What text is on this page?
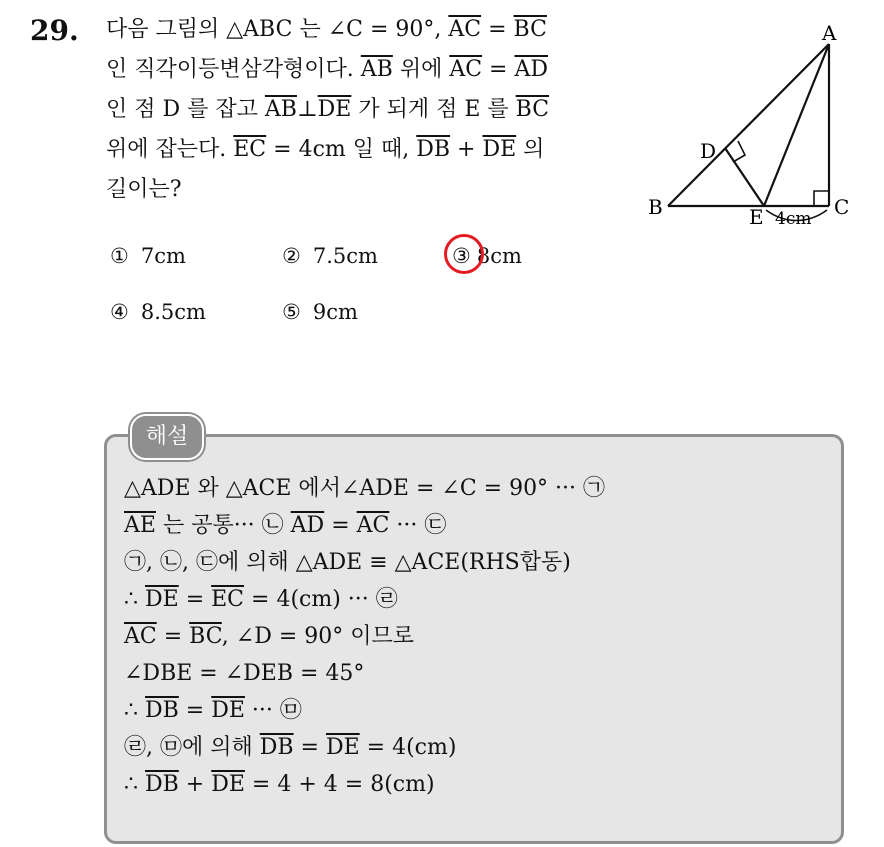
29. 다음 그림의 △ABC 는 ∠C = 90°, $\overline{AC} = \overline{BC}$
인 직각이등변삼각형이다. $\overline{AB}$ 위에 $\overline{AC} = \overline{AD}$
인 점 D 를 잡고 $\overline{AB}\perp\overline{DE}$ 가 되게 점 E 를 $\overline{BC}$
위에 잡는다. $\overline{EC} = 4cm$ 일 때, $\overline{DB} + \overline{DE}$ 의
길이는?
A
B	C
D
E 4cm
① 7cm	② 7.5cm	③ 8cm
④ 8.5cm	⑤ 9cm
해설
△ADE 와 △ACE 에서∠ADE = ∠C = 90° ··· ㉠
$\overline{AE}$ 는 공통··· ㉡ $\overline{AD} = \overline{AC}$ ··· ㉢
㉠, ㉡, ㉢에 의해 △ADE ≡ △ACE(RHS합동)
∴ $\overline{DE} = \overline{EC} = 4(cm)$ ··· ㉣
$\overline{AC} = \overline{BC}$, ∠D = 90° 이므로
∠DBE = ∠DEB = 45°
∴ $\overline{DB} = \overline{DE}$ ··· ㉤
㉣, ㉤에 의해 $\overline{DB} = \overline{DE} = 4(cm)$
∴ $\overline{DB} + \overline{DE} = 4 + 4 = 8(cm)$
